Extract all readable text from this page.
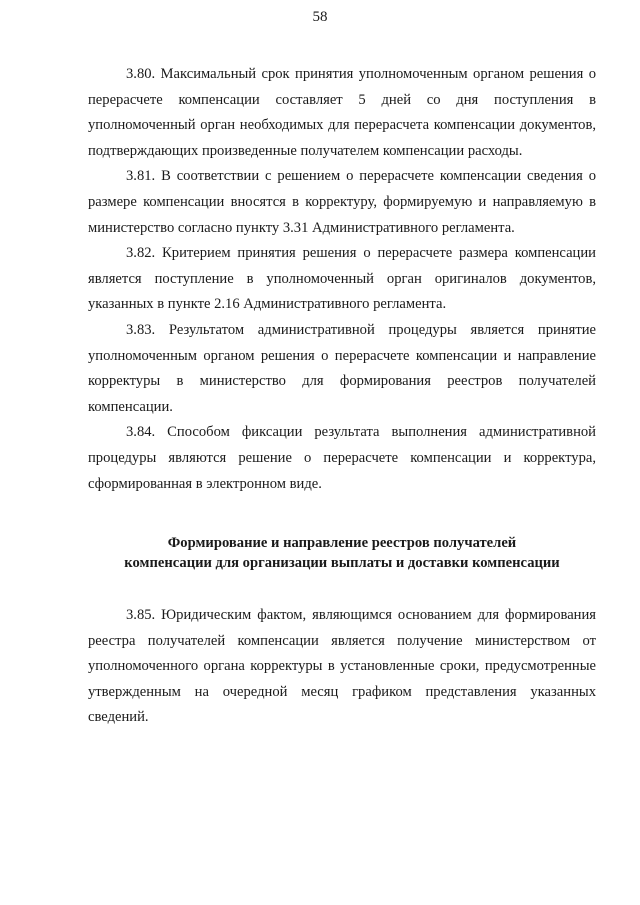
58

3.80. Максимальный срок принятия уполномоченным органом решения о перерасчете компенсации составляет 5 дней со дня поступления в уполномоченный орган необходимых для перерасчета компенсации документов, подтверждающих произведенные получателем компенсации расходы.

3.81. В соответствии с решением о перерасчете компенсации сведения о размере компенсации вносятся в корректуру, формируемую и направляемую в министерство согласно пункту 3.31 Административного регламента.

3.82. Критерием принятия решения о перерасчете размера компенсации является поступление в уполномоченный орган оригиналов документов, указанных в пункте 2.16 Административного регламента.

3.83. Результатом административной процедуры является принятие уполномоченным органом решения о перерасчете компенсации и направление корректуры в министерство для формирования реестров получателей компенсации.

3.84. Способом фиксации результата выполнения административной процедуры являются решение о перерасчете компенсации и корректура, сформированная в электронном виде.

Формирование и направление реестров получателей
компенсации для организации выплаты и доставки компенсации

3.85. Юридическим фактом, являющимся основанием для формирования реестра получателей компенсации является получение министерством от уполномоченного органа корректуры в установленные сроки, предусмотренные утвержденным на очередной месяц графиком представления указанных сведений.
